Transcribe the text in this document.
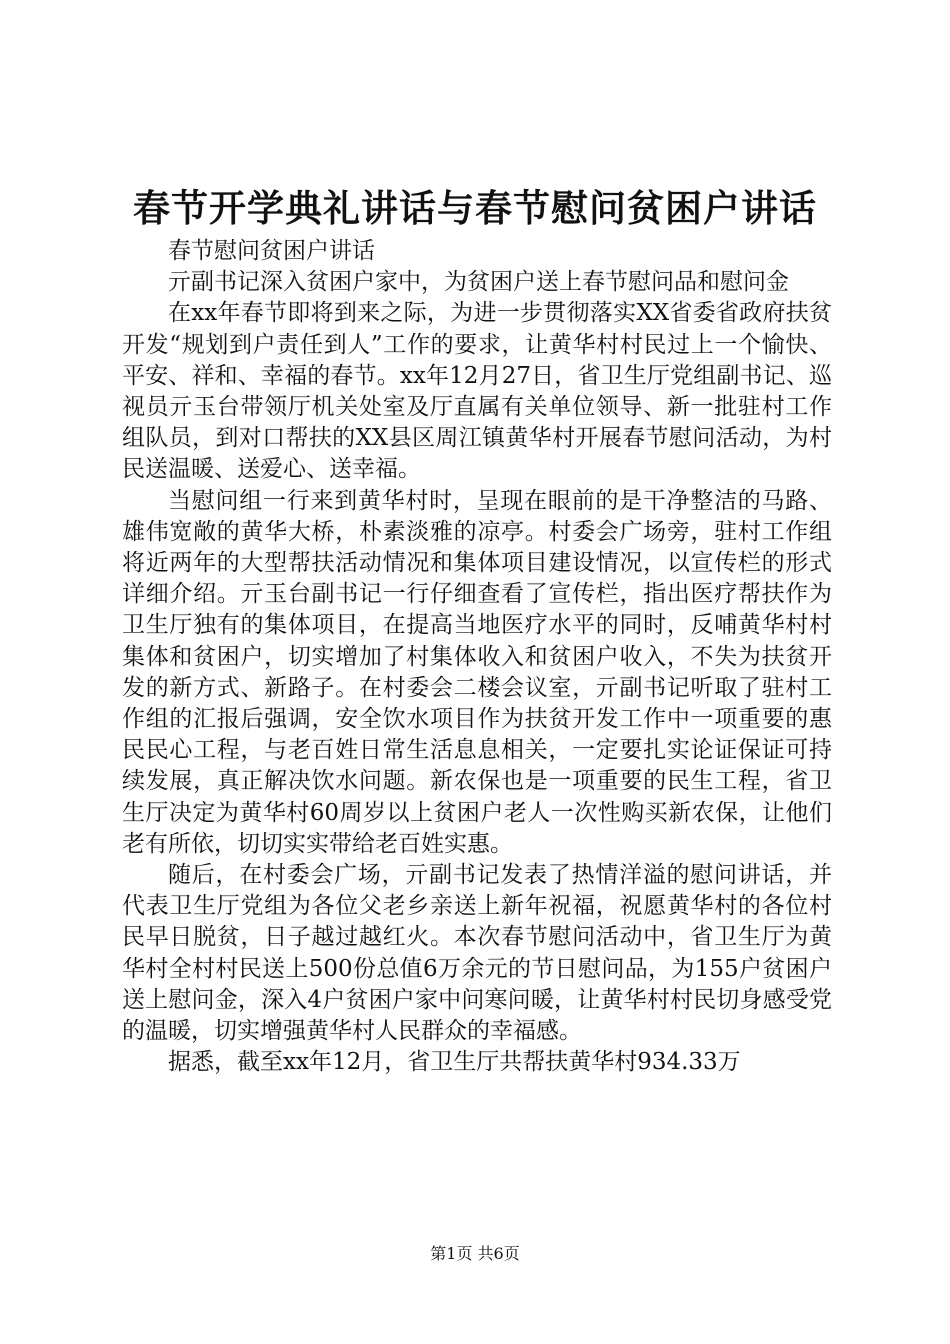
春节开学典礼讲话与春节慰问贫困户讲话

春节慰问贫困户讲话

亓副书记深入贫困户家中，为贫困户送上春节慰问品和慰问金

在xx年春节即将到来之际，为进一步贯彻落实XX省委省政府扶贫开发“规划到户责任到人”工作的要求，让黄华村村民过上一个愉快、平安、祥和、幸福的春节。xx年12月27日，省卫生厅党组副书记、巡视员亓玉台带领厅机关处室及厅直属有关单位领导、新一批驻村工作组队员，到对口帮扶的XX县区周江镇黄华村开展春节慰问活动，为村民送温暖、送爱心、送幸福。

当慰问组一行来到黄华村时，呈现在眼前的是干净整洁的马路、雄伟宽敞的黄华大桥，朴素淡雅的凉亭。村委会广场旁，驻村工作组将近两年的大型帮扶活动情况和集体项目建设情况，以宣传栏的形式详细介绍。亓玉台副书记一行仔细查看了宣传栏，指出医疗帮扶作为卫生厅独有的集体项目，在提高当地医疗水平的同时，反哺黄华村村集体和贫困户，切实增加了村集体收入和贫困户收入，不失为扶贫开发的新方式、新路子。在村委会二楼会议室，亓副书记听取了驻村工作组的汇报后强调，安全饮水项目作为扶贫开发工作中一项重要的惠民民心工程，与老百姓日常生活息息相关，一定要扎实论证保证可持续发展，真正解决饮水问题。新农保也是一项重要的民生工程，省卫生厅决定为黄华村60周岁以上贫困户老人一次性购买新农保，让他们老有所依，切切实实带给老百姓实惠。

随后，在村委会广场，亓副书记发表了热情洋溢的慰问讲话，并代表卫生厅党组为各位父老乡亲送上新年祝福，祝愿黄华村的各位村民早日脱贫，日子越过越红火。本次春节慰问活动中，省卫生厅为黄华村全村村民送上500份总值6万余元的节日慰问品，为155户贫困户送上慰问金，深入4户贫困户家中问寒问暖，让黄华村村民切身感受党的温暖，切实增强黄华村人民群众的幸福感。

据悉，截至xx年12月，省卫生厅共帮扶黄华村934.33万

第1页 共6页
